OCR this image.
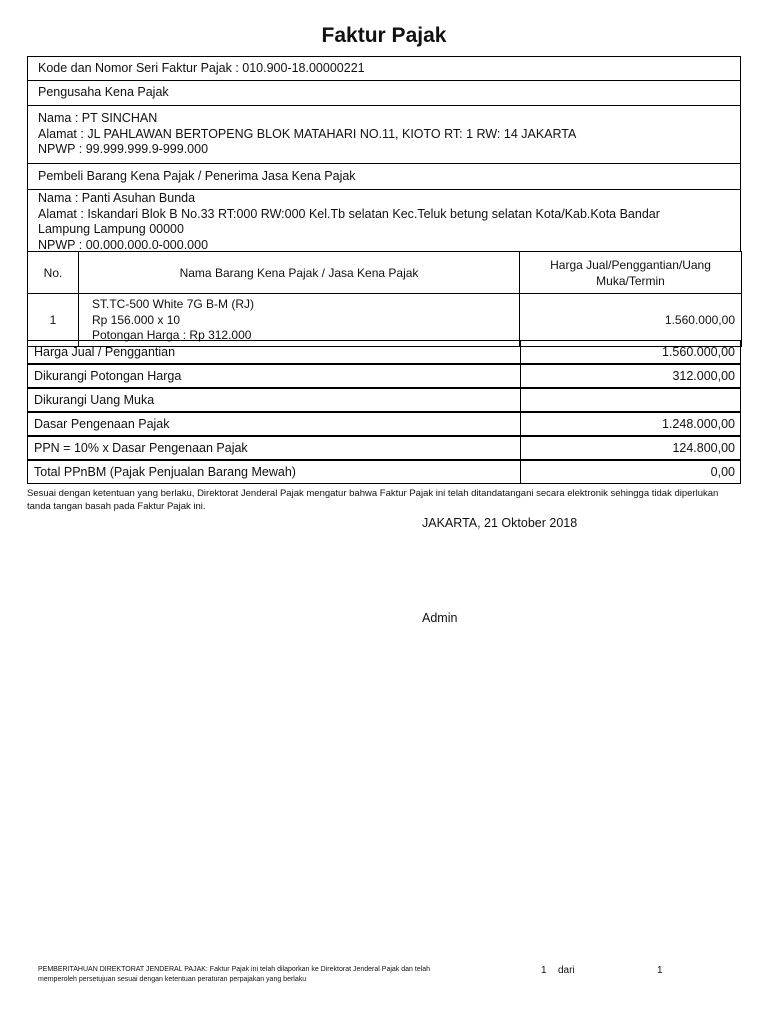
Faktur Pajak
Kode dan Nomor Seri Faktur Pajak : 010.900-18.00000221
Pengusaha Kena Pajak
Nama : PT SINCHAN
Alamat : JL PAHLAWAN BERTOPENG BLOK MATAHARI NO.11, KIOTO RT: 1 RW: 14 JAKARTA
NPWP : 99.999.999.9-999.000
Pembeli Barang Kena Pajak / Penerima Jasa Kena Pajak
Nama : Panti Asuhan Bunda
Alamat : Iskandari Blok B No.33 RT:000 RW:000 Kel.Tb selatan Kec.Teluk betung selatan Kota/Kab.Kota Bandar Lampung Lampung 00000
NPWP : 00.000.000.0-000.000
No.	Nama Barang Kena Pajak / Jasa Kena Pajak	Harga Jual/Penggantian/Uang Muka/Termin
1	ST.TC-500 White 7G B-M (RJ)
Rp 156.000 x 10
Potongan Harga : Rp 312.000	1.560.000,00
Harga Jual / Penggantian	1.560.000,00
Dikurangi Potongan Harga	312.000,00
Dikurangi Uang Muka
Dasar Pengenaan Pajak	1.248.000,00
PPN = 10% x Dasar Pengenaan Pajak	124.800,00
Total PPnBM (Pajak Penjualan Barang Mewah)	0,00
Sesuai dengan ketentuan yang berlaku, Direktorat Jenderal Pajak mengatur bahwa Faktur Pajak ini telah ditandatangani secara elektronik sehingga tidak diperlukan tanda tangan basah pada Faktur Pajak ini.
JAKARTA, 21 Oktober 2018
Admin
PEMBERITAHUAN DIREKTORAT JENDERAL PAJAK: Faktur Pajak ini telah dilaporkan ke Direktorat Jenderal Pajak dan telah memperoleh persetujuan sesuai dengan ketentuan peraturan perpajakan yang berlaku
1 dari	1
